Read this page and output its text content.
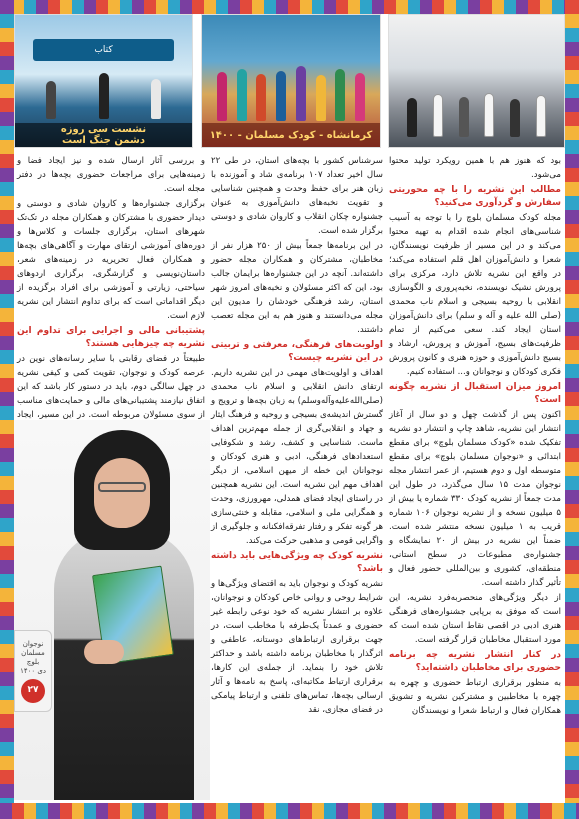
کتاب
نشست سی روزه
دشمن جنگ است	کرمانشاه - کودک مسلمان - ۱۴۰۰

بود که هنوز هم با همین رویکرد تولید محتوا می‌شود.

مطالب این نشریه را با چه محوریتی سفارش و گردآوری می‌کنید؟

مجله کودک مسلمان بلوچ را با توجه به آسیب شناسی‌های انجام شده اقدام به تهیه محتوا می‌کند و در این مسیر از ظرفیت نویسندگان، شعرا و دانش‌آموزان اهل قلم استفاده می‌کند؛ در واقع این نشریه تلاش دارد، مرکزی برای پرورش نشیک نویسنده، نخبه‌پروری و الگوسازی انقلابی با روحیه بسیجی و اسلام ناب محمدی (صلی الله علیه و آله و سلم) برای دانش‌آموزان استان ایجاد کند. سعی می‌کنیم از تمام ظرفیت‌های بسیج، آموزش و پرورش، ارشاد و بسیج دانش‌آموزی و حوزه هنری و کانون پرورش فکری کودکان و نوجوانان و... استفاده کنیم.

امروز میزان استقبال از نشریه چگونه است؟

اکنون پس از گذشت چهل و دو سال از آغاز انتشار این نشریه، شاهد چاپ و انتشار دو نشریه تفکیک شده «کودک مسلمان بلوچ» برای مقطع ابتدائی و «نوجوان مسلمان بلوچ» برای مقطع متوسطه اول و دوم هستیم، از عمر انتشار مجله نوجوان مدت ۱۵ سال می‌گذرد، در طول این مدت جمعاً از نشریه کودک ۳۳۰ شماره یا بیش از ۵ میلیون نسخه و از نشریه نوجوان ۱۰۶ شماره قریب به ۱ میلیون نسخه منتشر شده است. ضمناً این نشریه در بیش از ۲۰ نمایشگاه و جشنواره‌ی مطبوعات در سطح استانی، منطقه‌ای، کشوری و بین‌المللی حضور فعال و تأثیر گذار داشته است.

از دیگر ویژگی‌های منحصربه‌فرد نشریه، این است که موفق به برپایی جشنواره‌های فرهنگی هنری ادبی در اقصی نقاط استان شده است که مورد استقبال مخاطبان قرار گرفته است.

در کنار انتشار نشریه چه برنامه حضوری برای مخاطبان داشته‌اید؟

به منظور برقراری ارتباط حضوری و چهره به چهره با مخاطبین و مشترکین نشریه و تشویق همکاران فعال و ارتباط شعرا و نویسندگان

سرشناس کشور با بچه‌های استان، در طی ۲۲ سال اخیر تعداد ۱۰۷ برنامه‌ی شاد و آموزنده با زبان هنر برای حفظ وحدت و همچنین شناسایی و تقویت نخبه‌های دانش‌آموزی به عنوان جشنواره چکان انقلاب و کاروان شادی و دوستی برگزار شده است.

در این برنامه‌ها جمعاً بیش از ۲۵۰ هزار نفر از مخاطبان، مشترکان و همکاران مجله حضور داشته‌اند. آنچه در این جشنواره‌ها برایمان جالب بود، این که اکثر مسئولان و نخبه‌های امروز شهر استان، رشد فرهنگی خودشان را مدیون این مجله می‌دانستند و هنوز هم به این مجله تعصب داشتند.

اولویت‌های فرهنگی، معرفتی و تربیتی در این نشریه چیست؟

اهداف و اولویت‌های مهمی در این نشریه داریم. ارتقای دانش انقلابی و اسلام ناب محمدی (صلی‌الله‌علیه‌وآله‌وسلم) به زبان بچه‌ها و ترویج و گسترش اندیشه‌ی بسیجی و روحیه و فرهنگ ایثار و جهاد و انقلابی‌گری از جمله مهم‌ترین اهداف ماست. شناسایی و کشف، رشد و شکوفایی استعدادهای فرهنگی، ادبی و هنری کودکان و نوجوانان این خطه از میهن اسلامی، از دیگر اهداف مهم این نشریه است. این نشریه همچنین در راستای ایجاد فضای همدلی، مهرورزی، وحدت و همگرایی ملی و اسلامی، مقابله و خنثی‌سازی هر گونه تفکر و رفتار تفرقه‌افکنانه و جلوگیری از واگرایی قومی و مذهبی حرکت می‌کند.

نشریه کودک چه ویژگی‌هایی باید داشته باشد؟

نشریه کودک و نوجوان باید به اقتضای ویژگی‌ها و شرایط روحی و روانی خاص کودکان و نوجوانان، علاوه بر انتشار نشریه که خود نوعی رابطه غیر حضوری و عمدتاً یک‌طرفه با مخاطب است، در جهت برقراری ارتباط‌های دوستانه، عاطفی و اثرگذار با مخاطبان برنامه داشته باشد و حداکثر تلاش خود را بنماید. از جمله‌ی این کارها، برقراری ارتباط مکاتبه‌ای، پاسخ به نامه‌ها و آثار ارسالی بچه‌ها، تماس‌های تلفنی و ارتباط پیامکی در فضای مجازی، نقد

و بررسی آثار ارسال شده و نیز ایجاد فضا و زمینه‌هایی برای مراجعات حضوری بچه‌ها در دفتر مجله است.

برگزاری جشنواره‌ها و کاروان شادی و دوستی و دیدار حضوری با مشترکان و همکاران مجله در تک‌تک شهرهای استان، برگزاری جلسات و کلاس‌ها و دوره‌های آموزشی ارتقای مهارت و آگاهی‌های بچه‌ها و همکاران فعال تحریریه در زمینه‌های شعر، داستان‌نویسی و گزارشگری، برگزاری اردوهای سیاحتی، زیارتی و آموزشی برای افراد برگزیده از دیگر اقداماتی است که برای تداوم انتشار این نشریه لازم است.

پشتیبانی مالی و اجرایی برای تداوم این نشریه چه چیزهایی هستند؟

طبیعتاً در فضای رقابتی با سایر رسانه‌های نوین در عرصه کودک و نوجوان، تقویت کمی و کیفی نشریه در چهل سالگی دوم، باید در دستور کار باشد که این اتفاق نیازمند پشتیبانی‌های مالی و حمایت‌های مناسب از سوی مسئولان مربوطه است. در این مسیر، ایجاد

نوجوان
مسلمان
بلوچ
دی ۱۴۰۰
۲۷
